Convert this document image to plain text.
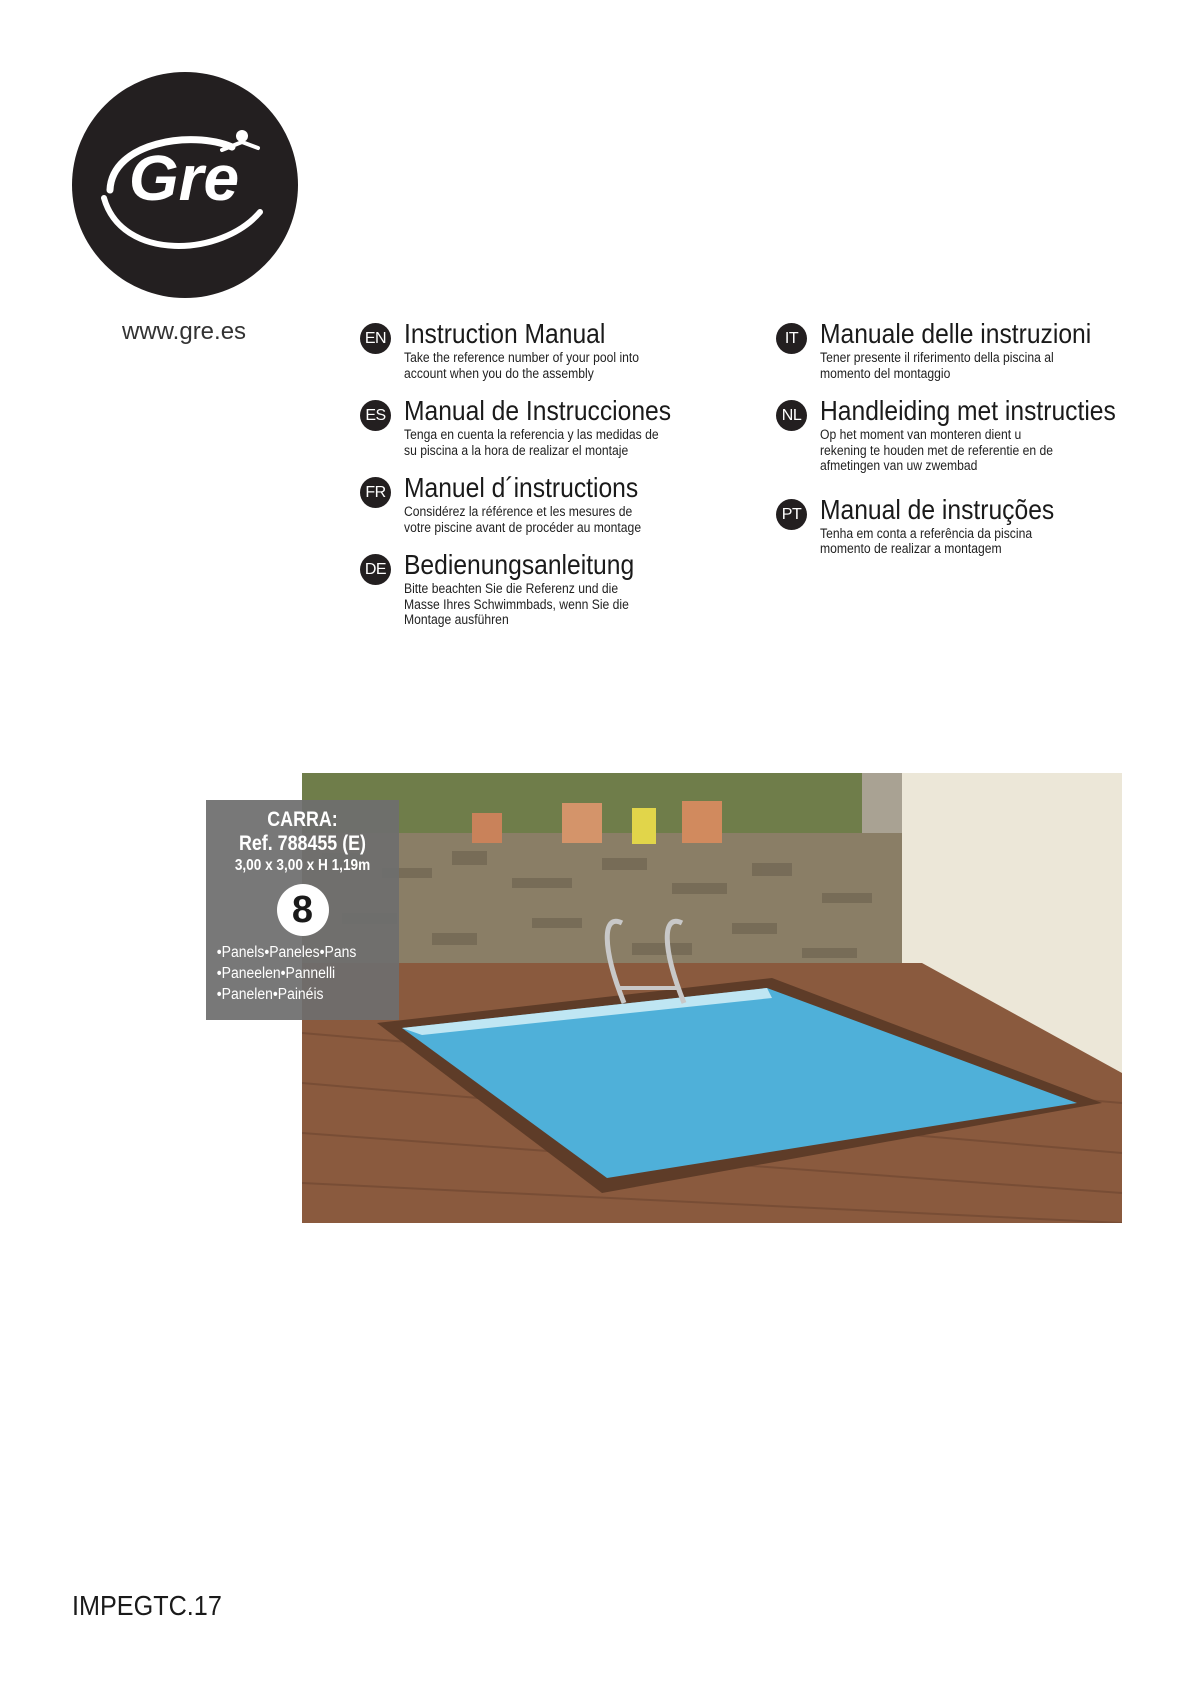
Gre
www.gre.es	EN Instruction Manual
Take the reference number of your pool into
account when you do the assembly
ES Manual de Instrucciones
Tenga en cuenta la referencia y las medidas de
su piscina a la hora de realizar el montaje
FR Manuel d´instructions
Considérez la référence et les mesures de
votre piscine avant de procéder au montage
DE Bedienungsanleitung
Bitte beachten Sie die Referenz und die
Masse Ihres Schwimmbads, wenn Sie die
Montage ausführen
IT Manuale delle instruzioni
Tener presente il riferimento della piscina al
momento del montaggio
NL Handleiding met instructies
Op het moment van monteren dient u
rekening te houden met de referentie en de
afmetingen van uw zwembad
PT Manual de instruções
Tenha em conta a referência da piscina
momento de realizar a montagem
CARRA:
Ref. 788455 (E)
3,00 x 3,00 x H 1,19m
8
•Panels•Paneles•Pans
•Paneelen•Pannelli
•Panelen•Painéis
IMPEGTC.17
